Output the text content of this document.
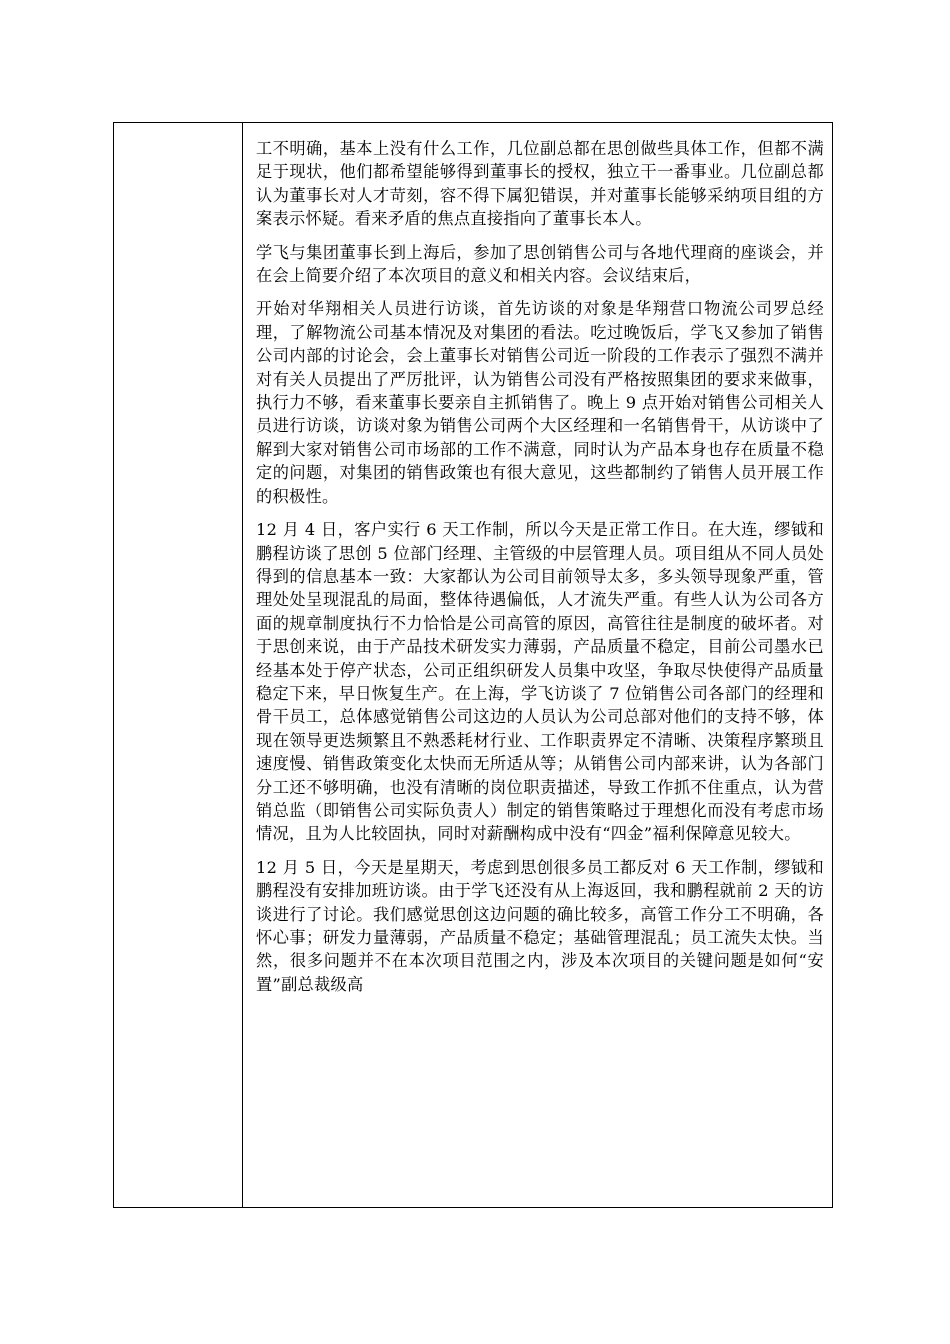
工不明确，基本上没有什么工作，几位副总都在思创做些具体工作，但都不满足于现状，他们都希望能够得到董事长的授权，独立干一番事业。几位副总都认为董事长对人才苛刻，容不得下属犯错误，并对董事长能够采纳项目组的方案表示怀疑。看来矛盾的焦点直接指向了董事长本人。

学飞与集团董事长到上海后，参加了思创销售公司与各地代理商的座谈会，并在会上简要介绍了本次项目的意义和相关内容。会议结束后，

开始对华翔相关人员进行访谈，首先访谈的对象是华翔营口物流公司罗总经理，了解物流公司基本情况及对集团的看法。吃过晚饭后，学飞又参加了销售公司内部的讨论会，会上董事长对销售公司近一阶段的工作表示了强烈不满并对有关人员提出了严厉批评，认为销售公司没有严格按照集团的要求来做事，执行力不够，看来董事长要亲自主抓销售了。晚上 9 点开始对销售公司相关人员进行访谈，访谈对象为销售公司两个大区经理和一名销售骨干，从访谈中了解到大家对销售公司市场部的工作不满意，同时认为产品本身也存在质量不稳定的问题，对集团的销售政策也有很大意见，这些都制约了销售人员开展工作的积极性。

12 月 4 日，客户实行 6 天工作制，所以今天是正常工作日。在大连，缪钺和鹏程访谈了思创 5 位部门经理、主管级的中层管理人员。项目组从不同人员处得到的信息基本一致：大家都认为公司目前领导太多，多头领导现象严重，管理处处呈现混乱的局面，整体待遇偏低，人才流失严重。有些人认为公司各方面的规章制度执行不力恰恰是公司高管的原因，高管往往是制度的破坏者。对于思创来说，由于产品技术研发实力薄弱，产品质量不稳定，目前公司墨水已经基本处于停产状态，公司正组织研发人员集中攻坚，争取尽快使得产品质量稳定下来，早日恢复生产。在上海，学飞访谈了 7 位销售公司各部门的经理和骨干员工，总体感觉销售公司这边的人员认为公司总部对他们的支持不够，体现在领导更迭频繁且不熟悉耗材行业、工作职责界定不清晰、决策程序繁琐且速度慢、销售政策变化太快而无所适从等；从销售公司内部来讲，认为各部门分工还不够明确，也没有清晰的岗位职责描述，导致工作抓不住重点，认为营销总监（即销售公司实际负责人）制定的销售策略过于理想化而没有考虑市场情况，且为人比较固执，同时对薪酬构成中没有“四金”福利保障意见较大。

12 月 5 日，今天是星期天，考虑到思创很多员工都反对 6 天工作制，缪钺和鹏程没有安排加班访谈。由于学飞还没有从上海返回，我和鹏程就前 2 天的访谈进行了讨论。我们感觉思创这边问题的确比较多，高管工作分工不明确，各怀心事；研发力量薄弱，产品质量不稳定；基础管理混乱；员工流失太快。当然，很多问题并不在本次项目范围之内，涉及本次项目的关键问题是如何“安置”副总裁级高
